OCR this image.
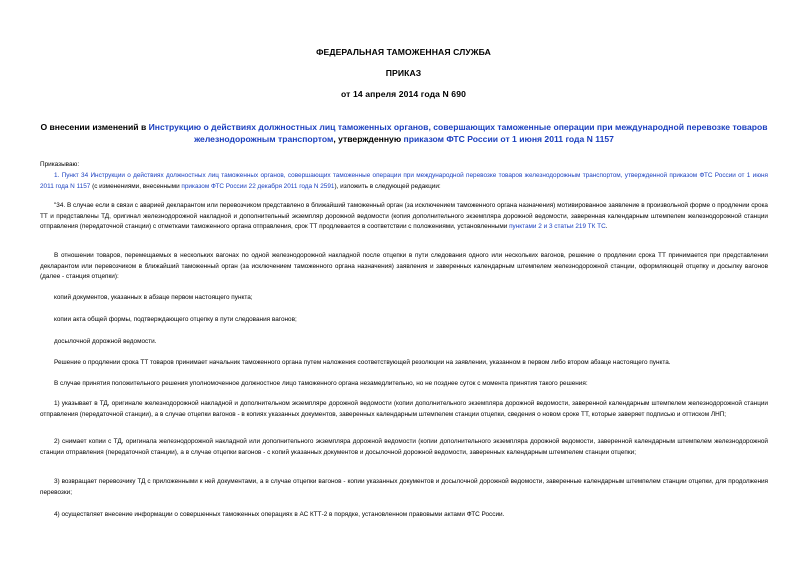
ФЕДЕРАЛЬНАЯ ТАМОЖЕННАЯ СЛУЖБА
ПРИКАЗ
от 14 апреля 2014 года N 690
О внесении изменений в Инструкцию о действиях должностных лиц таможенных органов, совершающих таможенные операции при международной перевозке товаров железнодорожным транспортом, утвержденную приказом ФТС России от 1 июня 2011 года N 1157
Приказываю:
1. Пункт 34 Инструкции о действиях должностных лиц таможенных органов, совершающих таможенные операции при международной перевозке товаров железнодорожным транспортом, утвержденной приказом ФТС России от 1 июня 2011 года N 1157 (с изменениями, внесенными приказом ФТС России 22 декабря 2011 года N 2591), изложить в следующей редакции:
"34. В случае если в связи с аварией декларантом или перевозчиком представлено в ближайший таможенный орган (за исключением таможенного органа назначения) мотивированное заявление в произвольной форме о продлении срока ТТ и представлены ТД, оригинал железнодорожной накладной и дополнительный экземпляр дорожной ведомости (копия дополнительного экземпляра дорожной ведомости, заверенная календарным штемпелем железнодорожной станции отправления (передаточной станции) с отметками таможенного органа отправления, срок ТТ продлевается в соответствии с положениями, установленными пунктами 2 и 3 статьи 219 ТК ТС.
В отношении товаров, перемещаемых в нескольких вагонах по одной железнодорожной накладной после отцепки в пути следования одного или нескольких вагонов, решение о продлении срока ТТ принимается при представлении декларантом или перевозчиком в ближайший таможенный орган (за исключением таможенного органа назначения) заявления и заверенных календарным штемпелем железнодорожной станции, оформляющей отцепку и досылку вагонов (далее - станция отцепки):
копий документов, указанных в абзаце первом настоящего пункта;
копии акта общей формы, подтверждающего отцепку в пути следования вагонов;
досылочной дорожной ведомости.
Решение о продлении срока ТТ товаров принимает начальник таможенного органа путем наложения соответствующей резолюции на заявлении, указанном в первом либо втором абзаце настоящего пункта.
В случае принятия положительного решения уполномоченное должностное лицо таможенного органа незамедлительно, но не позднее суток с момента принятия такого решения:
1) указывает в ТД, оригинале железнодорожной накладной и дополнительном экземпляре дорожной ведомости (копии дополнительного экземпляра дорожной ведомости, заверенной календарным штемпелем железнодорожной станции отправления (передаточной станции), а в случае отцепки вагонов - в копиях указанных документов, заверенных календарным штемпелем станции отцепки, сведения о новом сроке ТТ, которые заверяет подписью и оттиском ЛНП;
2) снимает копии с ТД, оригинала железнодорожной накладной или дополнительного экземпляра дорожной ведомости (копии дополнительного экземпляра дорожной ведомости, заверенной календарным штемпелем железнодорожной станции отправления (передаточной станции), а в случае отцепки вагонов - с копий указанных документов и досылочной дорожной ведомости, заверенных календарным штемпелем станции отцепки;
3) возвращает перевозчику ТД с приложенными к ней документами, а в случае отцепки вагонов - копии указанных документов и досылочной дорожной ведомости, заверенные календарным штемпелем станции отцепки, для продолжения перевозки;
4) осуществляет внесение информации о совершенных таможенных операциях в АС КТТ-2 в порядке, установленном правовыми актами ФТС России.
